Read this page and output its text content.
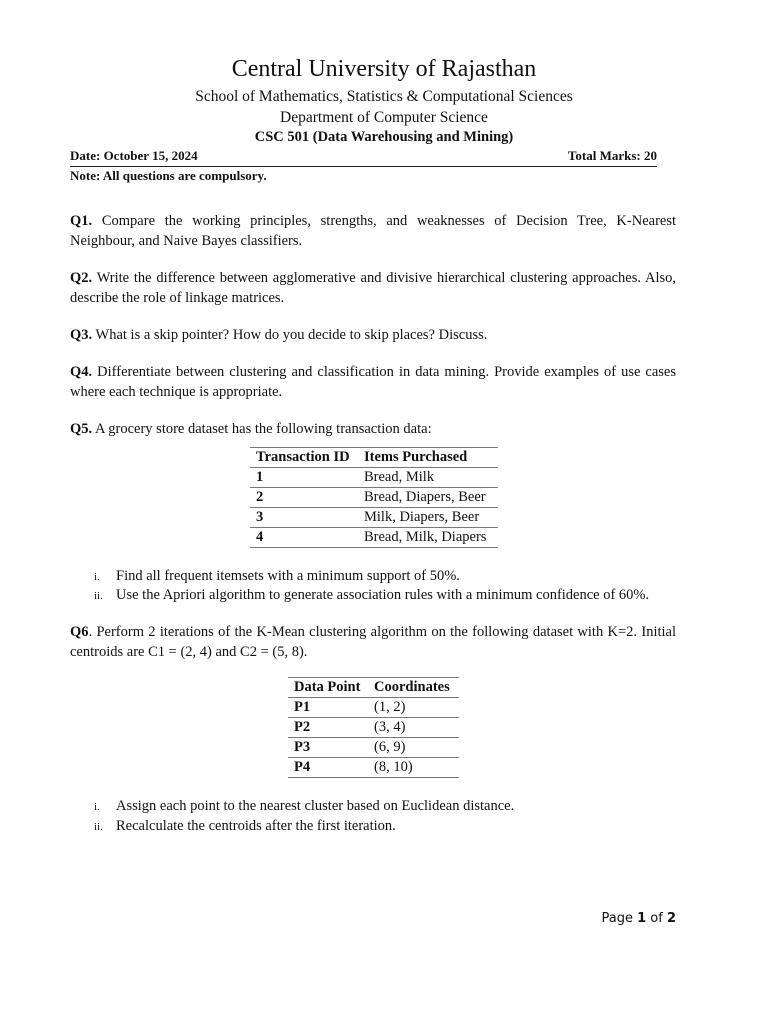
Central University of Rajasthan
School of Mathematics, Statistics & Computational Sciences
Department of Computer Science
CSC 501 (Data Warehousing and Mining)
Date: October 15, 2024	Total Marks: 20
Note: All questions are compulsory.
Q1. Compare the working principles, strengths, and weaknesses of Decision Tree, K-Nearest Neighbour, and Naive Bayes classifiers.
Q2. Write the difference between agglomerative and divisive hierarchical clustering approaches. Also, describe the role of linkage matrices.
Q3. What is a skip pointer? How do you decide to skip places? Discuss.
Q4. Differentiate between clustering and classification in data mining. Provide examples of use cases where each technique is appropriate.
Q5. A grocery store dataset has the following transaction data:
Transaction ID	Items Purchased
1	Bread, Milk
2	Bread, Diapers, Beer
3	Milk, Diapers, Beer
4	Bread, Milk, Diapers
i.	Find all frequent itemsets with a minimum support of 50%.
ii. Use the Apriori algorithm to generate association rules with a minimum confidence of 60%.
Q6. Perform 2 iterations of the K-Mean clustering algorithm on the following dataset with K=2. Initial centroids are C1 = (2, 4) and C2 = (5, 8).
Data Point	Coordinates
P1	(1, 2)
P2	(3, 4)
P3	(6, 9)
P4	(8, 10)
i.	Assign each point to the nearest cluster based on Euclidean distance.
ii. Recalculate the centroids after the first iteration.
Page 1 of 2
